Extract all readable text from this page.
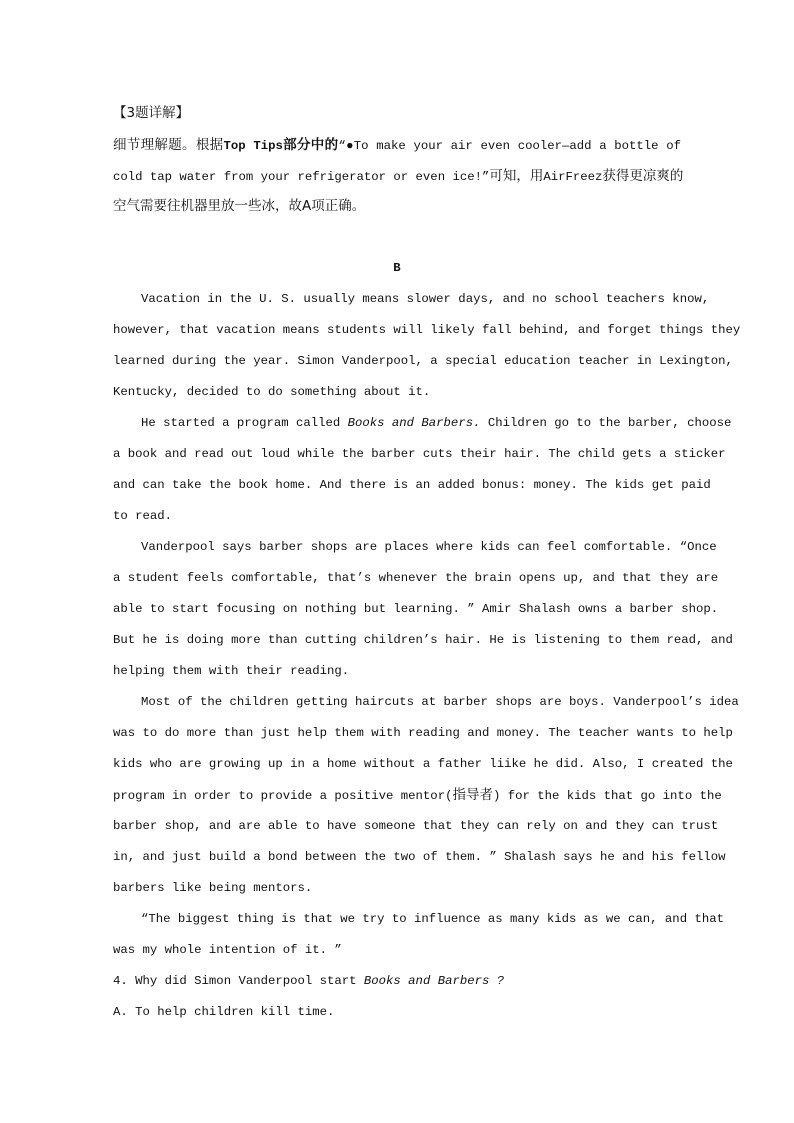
【3题详解】
细节理解题。根据Top Tips部分中的“●To make your air even cooler—add a bottle of
cold tap water from your refrigerator or even ice!”可知，用AirFreez获得更凉爽的
空气需要往机器里放一些冰，故A项正确。
B
Vacation in the U. S. usually means slower days, and no school teachers know,
however, that vacation means students will likely fall behind, and forget things they
learned during the year. Simon Vanderpool, a special education teacher in Lexington,
Kentucky, decided to do something about it.
He started a program called Books and Barbers. Children go to the barber, choose
a book and read out loud while the barber cuts their hair. The child gets a sticker
and can take the book home. And there is an added bonus: money. The kids get paid
to read.
Vanderpool says barber shops are places where kids can feel comfortable. “Once
a student feels comfortable, that’s whenever the brain opens up, and that they are
able to start focusing on nothing but learning. ” Amir Shalash owns a barber shop.
But he is doing more than cutting children’s hair. He is listening to them read, and
helping them with their reading.
Most of the children getting haircuts at barber shops are boys. Vanderpool’s idea
was to do more than just help them with reading and money. The teacher wants to help
kids who are growing up in a home without a father liike he did. Also, I created the
program in order to provide a positive mentor(指导者) for the kids that go into the
barber shop, and are able to have someone that they can rely on and they can trust
in, and just build a bond between the two of them. ” Shalash says he and his fellow
barbers like being mentors.
“The biggest thing is that we try to influence as many kids as we can, and that
was my whole intention of it. ”
4. Why did Simon Vanderpool start Books and Barbers ?
A. To help children kill time.
